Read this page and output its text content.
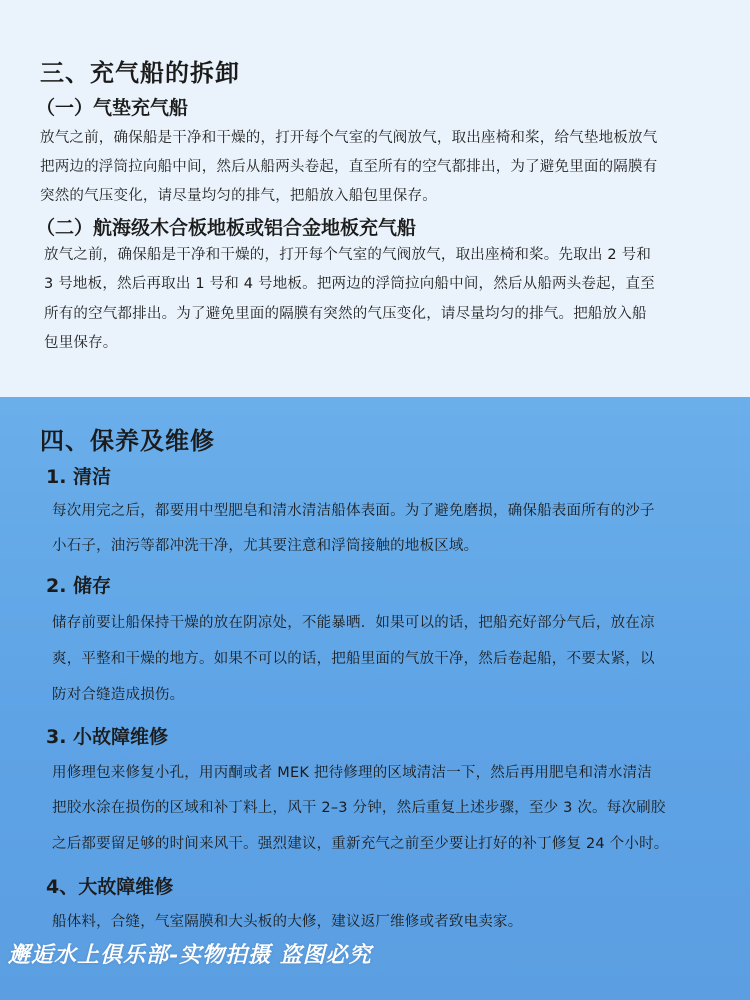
三、充气船的拆卸
（一）气垫充气船

放气之前，确保船是干净和干燥的，打开每个气室的气阀放气，取出座椅和桨，给气垫地板放气

把两边的浮筒拉向船中间，然后从船两头卷起，直至所有的空气都排出，为了避免里面的隔膜有

突然的气压变化，请尽量均匀的排气，把船放入船包里保存。

（二）航海级木合板地板或铝合金地板充气船

放气之前，确保船是干净和干燥的，打开每个气室的气阀放气，取出座椅和桨。先取出 2 号和

3 号地板，然后再取出 1 号和 4 号地板。把两边的浮筒拉向船中间，然后从船两头卷起，直至

所有的空气都排出。为了避免里面的隔膜有突然的气压变化，请尽量均匀的排气。把船放入船

包里保存。

四、保养及维修
1. 清洁

每次用完之后，都要用中型肥皂和清水清洁船体表面。为了避免磨损，确保船表面所有的沙子

小石子，油污等都冲洗干净，尤其要注意和浮筒接触的地板区域。

2. 储存

储存前要让船保持干燥的放在阴凉处，不能暴晒．如果可以的话，把船充好部分气后，放在凉

爽，平整和干燥的地方。如果不可以的话，把船里面的气放干净，然后卷起船，不要太紧，以

防对合缝造成损伤。

3. 小故障维修

用修理包来修复小孔，用丙酮或者 MEK 把待修理的区域清洁一下，然后再用肥皂和清水清洁

把胶水涂在损伤的区域和补丁料上，风干 2–3 分钟，然后重复上述步骤，至少 3 次。每次刷胶

之后都要留足够的时间来风干。强烈建议，重新充气之前至少要让打好的补丁修复 24 个小时。

4、大故障维修

船体料，合缝，气室隔膜和大头板的大修，建议返厂维修或者致电卖家。

邂逅水上俱乐部-实物拍摄 盗图必究
